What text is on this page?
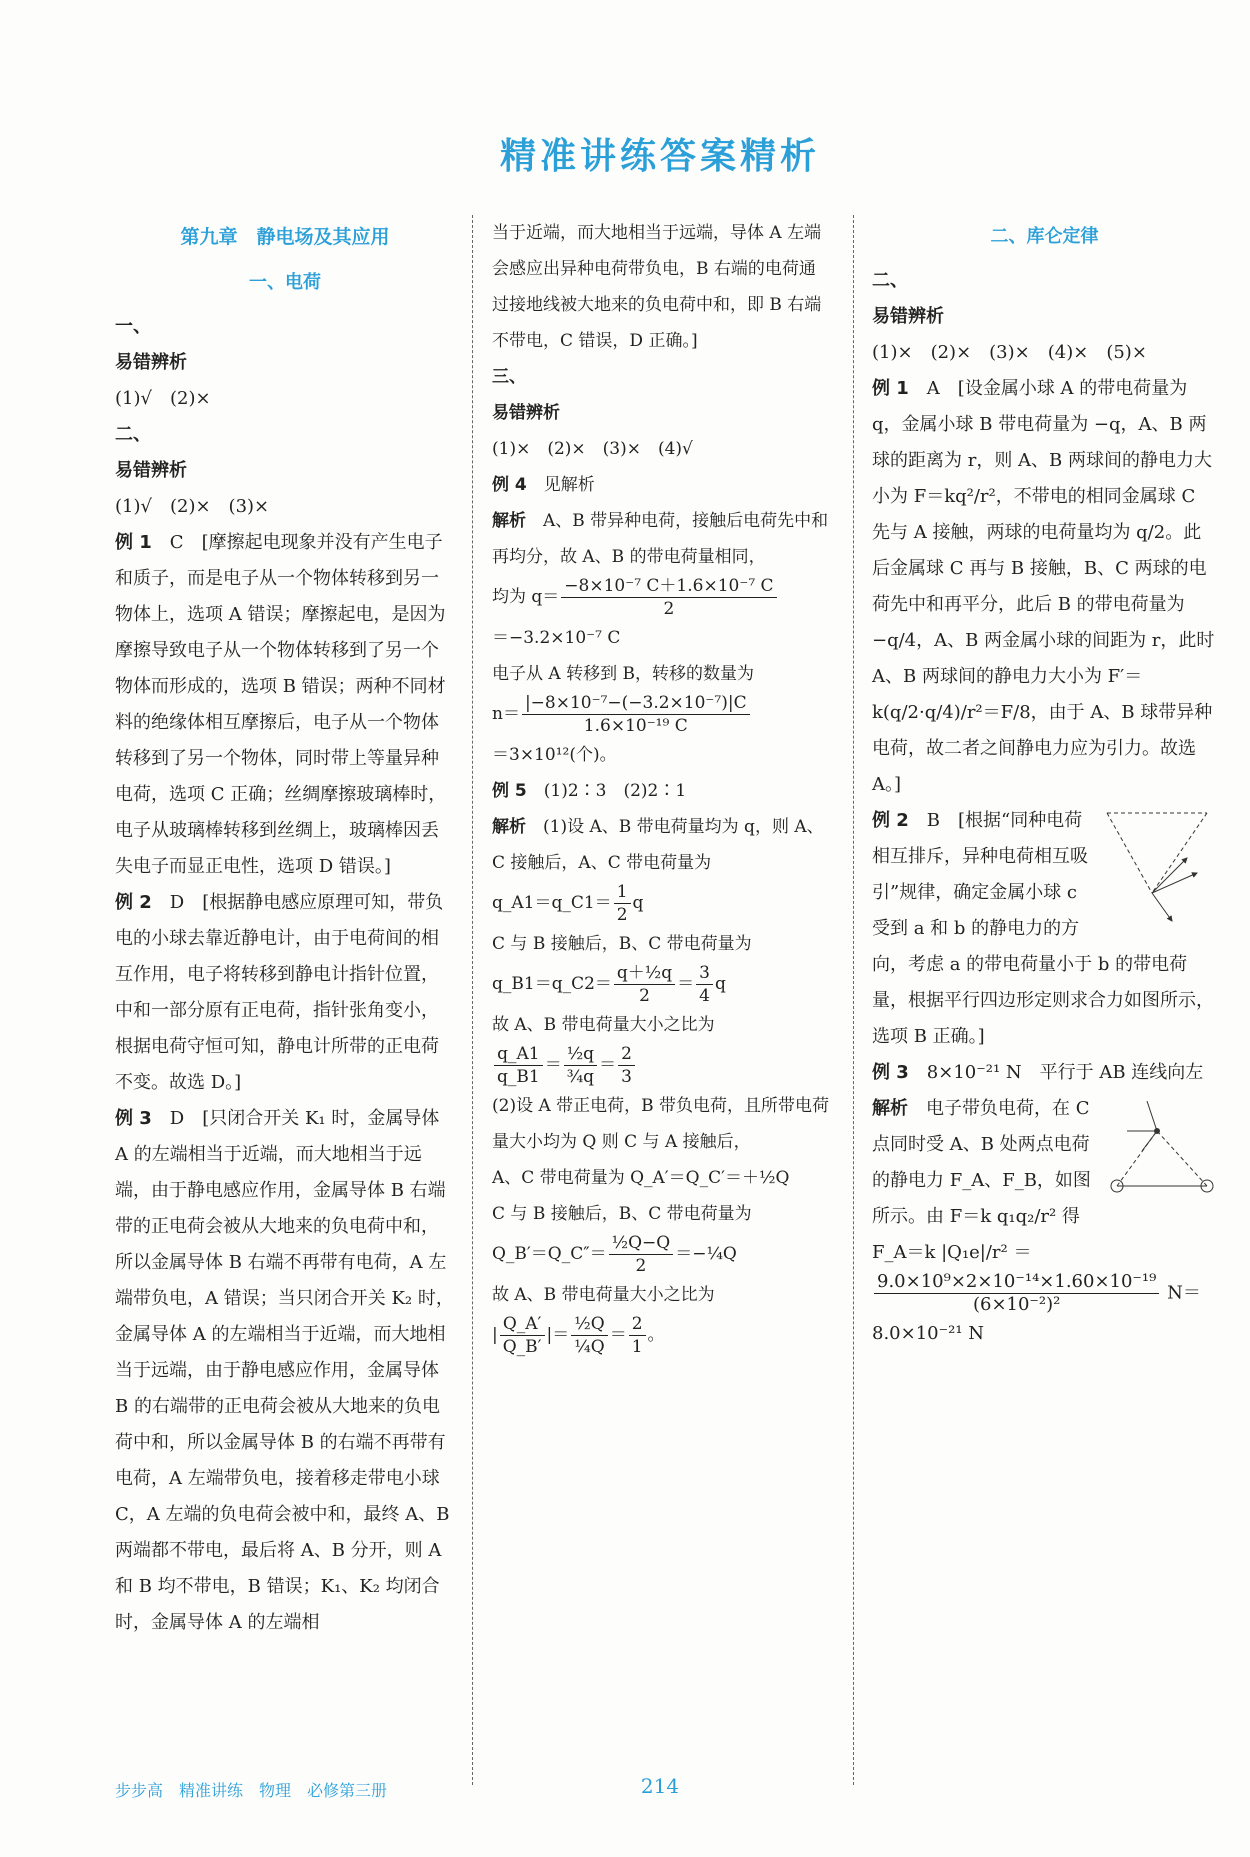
精准讲练答案精析
第九章　静电场及其应用
一、电荷

一、

易错辨析

(1)√　(2)×

二、

易错辨析

(1)√　(2)×　(3)×

例 1　 C　[摩擦起电现象并没有产生电子和质子，而是电子从一个物体转移到另一物体上，选项 A 错误；摩擦起电，是因为摩擦导致电子从一个物体转移到了另一个物体而形成的，选项 B 错误；两种不同材料的绝缘体相互摩擦后，电子从一个物体转移到了另一个物体，同时带上等量异种电荷，选项 C 正确；丝绸摩擦玻璃棒时，电子从玻璃棒转移到丝绸上，玻璃棒因丢失电子而显正电性，选项 D 错误。]

例 2　 D　[根据静电感应原理可知，带负电的小球去靠近静电计，由于电荷间的相互作用，电子将转移到静电计指针位置，中和一部分原有正电荷，指针张角变小，根据电荷守恒可知，静电计所带的正电荷不变。故选 D。]

例 3　 D　[只闭合开关 K₁ 时，金属导体 A 的左端相当于近端，而大地相当于远端，由于静电感应作用，金属导体 B 右端带的正电荷会被从大地来的负电荷中和，所以金属导体 B 右端不再带有电荷，A 左端带负电，A 错误；当只闭合开关 K₂ 时，金属导体 A 的左端相当于近端，而大地相当于远端，由于静电感应作用，金属导体 B 的右端带的正电荷会被从大地来的负电荷中和，所以金属导体 B 的右端不再带有电荷，A 左端带负电，接着移走带电小球 C，A 左端的负电荷会被中和，最终 A、B 两端都不带电，最后将 A、B 分开，则 A 和 B 均不带电，B 错误；K₁、K₂ 均闭合时，金属导体 A 的左端相

当于近端，而大地相当于远端，导体 A 左端会感应出异种电荷带负电，B 右端的电荷通过接地线被大地来的负电荷中和，即 B 右端不带电，C 错误，D 正确。]

三、

易错辨析

(1)×　(2)×　(3)×　(4)√

例 4　 见解析

解析　 A、B 带异种电荷，接触后电荷先中和再均分，故 A、B 的带电荷量相同，

均为 $q= \frac{\text{−8×10⁻⁷ C＋1.6×10⁻⁷ C}}{2}$

＝−3.2×10⁻⁷ C

电子从 A 转移到 B，转移的数量为

$n= \frac{\text{|−8×10⁻⁷−(−3.2×10⁻⁷)|C}}{\text{1.6×10⁻¹⁹ C}}$

＝3×10¹²(个)。

例 5　 (1)2∶3　(2)2∶1

解析　 (1)设 A、B 带电荷量均为 q，则 A、C 接触后，A、C 带电荷量为

q_A1＝q_C1＝ $\frac{1}{2}$ q

C 与 B 接触后，B、C 带电荷量为

q_B1＝q_C2＝ $\frac{\text{q＋½q}}{2} = \frac{3}{4}$ q

故 A、B 带电荷量大小之比为

$\frac{q\_A1}{q\_B1} = \frac{\text{½q}}{\text{¾q}} = \frac{2}{3}$

(2)设 A 带正电荷，B 带负电荷，且所带电荷量大小均为 Q 则 C 与 A 接触后，

A、C 带电荷量为 Q_A′＝Q_C′＝＋½Q

C 与 B 接触后，B、C 带电荷量为

Q_B′＝Q_C″＝ $\frac{\text{½Q−Q}}{2}$ ＝−¼Q

故 A、B 带电荷量大小之比为

| $\frac{Q\_A'}{Q\_B'}$ |＝ $\frac{\text{½Q}}{\text{¼Q}} = \frac{2}{1}$ 。

二、库仑定律

二、

易错辨析

(1)×　(2)×　(3)×　(4)×　(5)×

例 1　 A　[设金属小球 A 的带电荷量为 q，金属小球 B 带电荷量为 −q，A、B 两球的距离为 r，则 A、B 两球间的静电力大小为 F＝kq²/r²，不带电的相同金属球 C 先与 A 接触，两球的电荷量均为 q/2。此后金属球 C 再与 B 接触，B、C 两球的电荷先中和再平分，此后 B 的带电荷量为 −q/4，A、B 两金属小球的间距为 r，此时 A、B 两球间的静电力大小为 F′＝k(q/2·q/4)/r²＝F/8，由于 A、B 球带异种电荷，故二者之间静电力应为引力。故选 A。]

例 2　 B　[根据“同种电荷相互排斥，异种电荷相互吸引”规律，确定金属小球 c 受到 a 和 b 的静电力的方向，考虑 a 的带电荷量小于 b 的带电荷量，根据平行四边形定则求合力如图所示，选项 B 正确。]

例 3　 8×10⁻²¹ N　平行于 AB 连线向左

解析　 电子带负电荷，在 C 点同时受 A、B 处两点电荷的静电力 F_A、F_B，如图所示。由 F＝k q₁q₂/r² 得

F_A＝k |Q₁e|/r² ＝

$\frac{\text{9.0×10⁹×2×10⁻¹⁴×1.60×10⁻¹⁹}}{\text{(6×10⁻²)²}} N=$

8.0×10⁻²¹ N

步步高　精准讲练　物理　必修第三册	214
